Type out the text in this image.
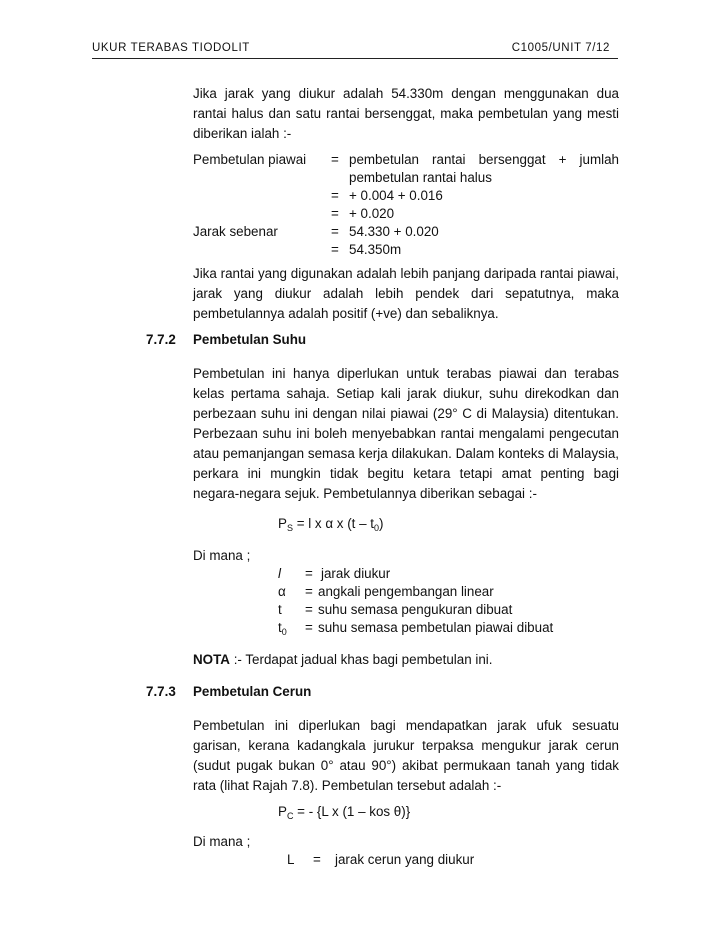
UKUR TERABAS TIODOLIT	C1005/UNIT 7/12
Jika jarak yang diukur adalah 54.330m dengan menggunakan dua rantai halus dan satu rantai bersenggat, maka pembetulan yang mesti diberikan ialah :-
Pembetulan piawai = pembetulan rantai bersenggat + jumlah
pembetulan rantai halus
= + 0.004 + 0.016
= + 0.020
Jarak sebenar	= 54.330 + 0.020
= 54.350m
Jika rantai yang digunakan adalah lebih panjang daripada rantai piawai, jarak yang diukur adalah lebih pendek dari sepatutnya, maka pembetulannya adalah positif (+ve) dan sebaliknya.
7.7.2 Pembetulan Suhu
Pembetulan ini hanya diperlukan untuk terabas piawai dan terabas kelas pertama sahaja. Setiap kali jarak diukur, suhu direkodkan dan perbezaan suhu ini dengan nilai piawai (29° C di Malaysia) ditentukan. Perbezaan suhu ini boleh menyebabkan rantai mengalami pengecutan atau pemanjangan semasa kerja dilakukan. Dalam konteks di Malaysia, perkara ini mungkin tidak begitu ketara tetapi amat penting bagi negara-negara sejuk. Pembetulannya diberikan sebagai :-
$P_S = l$ x α x $(t - t_0)$
Di mana ;
l = jarak diukur
α = angkali pengembangan linear
t = suhu semasa pengukuran dibuat
$t_0$ = suhu semasa pembetulan piawai dibuat
NOTA :- Terdapat jadual khas bagi pembetulan ini.
7.7.3 Pembetulan Cerun
Pembetulan ini diperlukan bagi mendapatkan jarak ufuk sesuatu garisan, kerana kadangkala jurukur terpaksa mengukur jarak cerun (sudut pugak bukan 0° atau 90°) akibat permukaan tanah yang tidak rata (lihat Rajah 7.8). Pembetulan tersebut adalah :-
$P_C$ = - {L x (1 – kos θ)}
Di mana ;
L = jarak cerun yang diukur
